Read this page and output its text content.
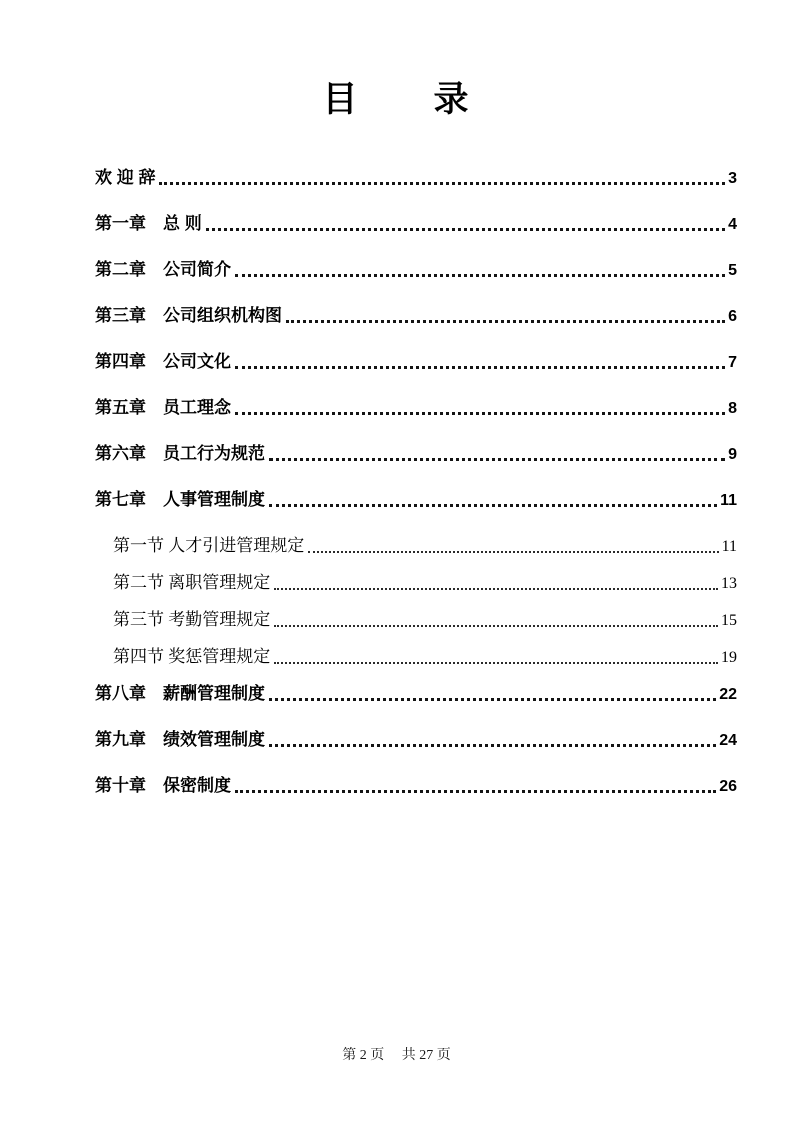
目　　录
欢 迎 辞	3
第一章　总 则	4
第二章　公司简介	5
第三章　公司组织机构图	6
第四章　公司文化	7
第五章　员工理念	8
第六章　员工行为规范	9
第七章　人事管理制度	11
第一节 人才引进管理规定	11
第二节 离职管理规定	13
第三节 考勤管理规定	15
第四节 奖惩管理规定	19
第八章　薪酬管理制度	22
第九章　绩效管理制度	24
第十章　保密制度	26
第 2 页　 共 27 页
